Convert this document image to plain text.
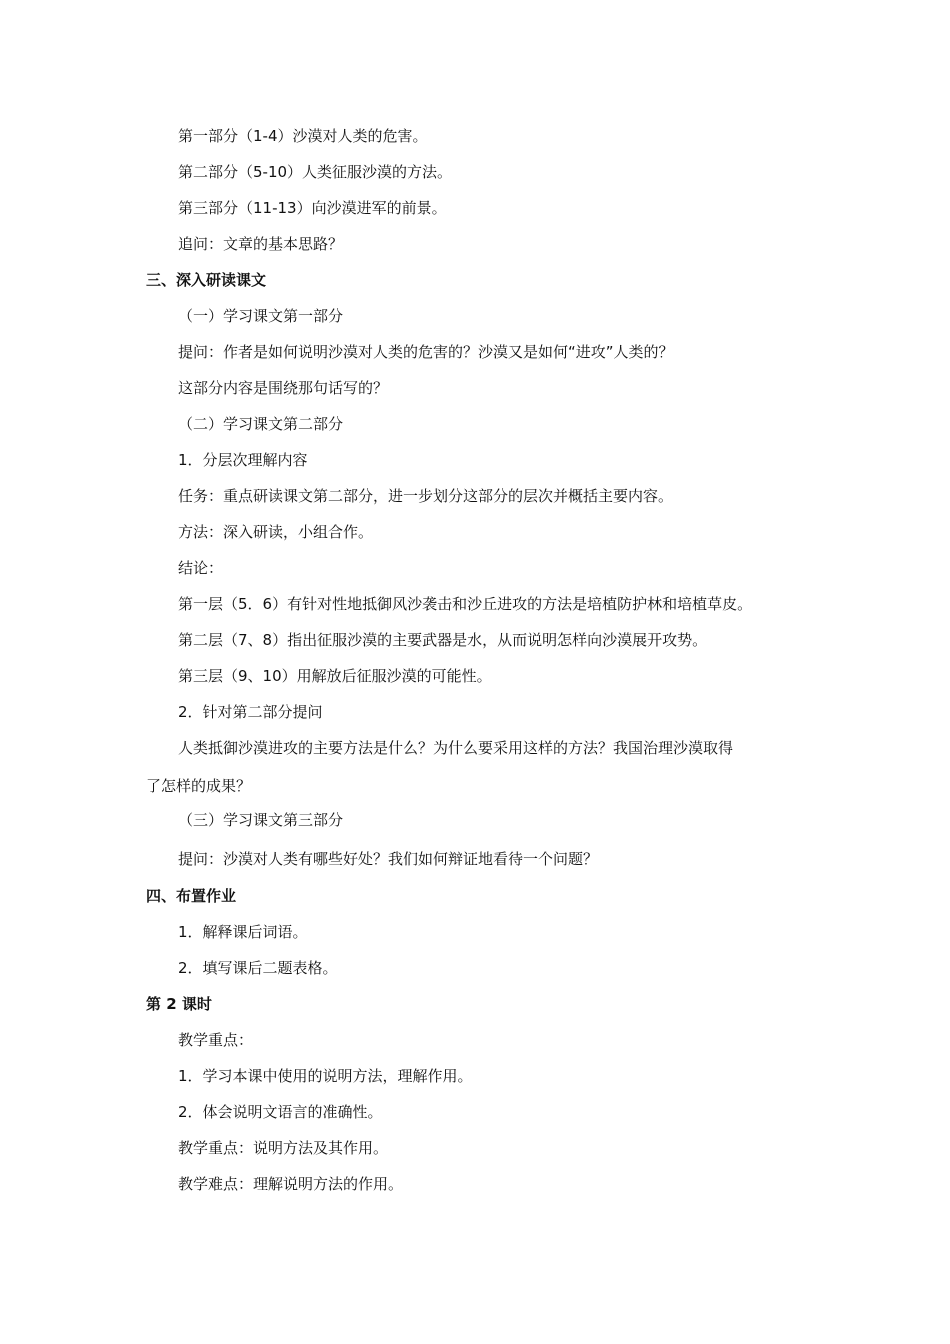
第一部分（1-4）沙漠对人类的危害。
第二部分（5-10）人类征服沙漠的方法。
第三部分（11-13）向沙漠进军的前景。
追问：文章的基本思路？
三、深入研读课文
（一）学习课文第一部分
提问：作者是如何说明沙漠对人类的危害的？沙漠又是如何“进攻”人类的？
这部分内容是围绕那句话写的？
（二）学习课文第二部分
1．分层次理解内容
任务：重点研读课文第二部分，进一步划分这部分的层次并概括主要内容。
方法：深入研读，小组合作。
结论：
第一层（5．6）有针对性地抵御风沙袭击和沙丘进攻的方法是培植防护林和培植草皮。
第二层（7、8）指出征服沙漠的主要武器是水，从而说明怎样向沙漠展开攻势。
第三层（9、10）用解放后征服沙漠的可能性。
2．针对第二部分提问
人类抵御沙漠进攻的主要方法是什么？为什么要采用这样的方法？我国治理沙漠取得
了怎样的成果？
（三）学习课文第三部分
提问：沙漠对人类有哪些好处？我们如何辩证地看待一个问题？
四、布置作业
1．解释课后词语。
2．填写课后二题表格。
第 2 课时
教学重点：
1．学习本课中使用的说明方法，理解作用。
2．体会说明文语言的准确性。
教学重点：说明方法及其作用。
教学难点：理解说明方法的作用。
